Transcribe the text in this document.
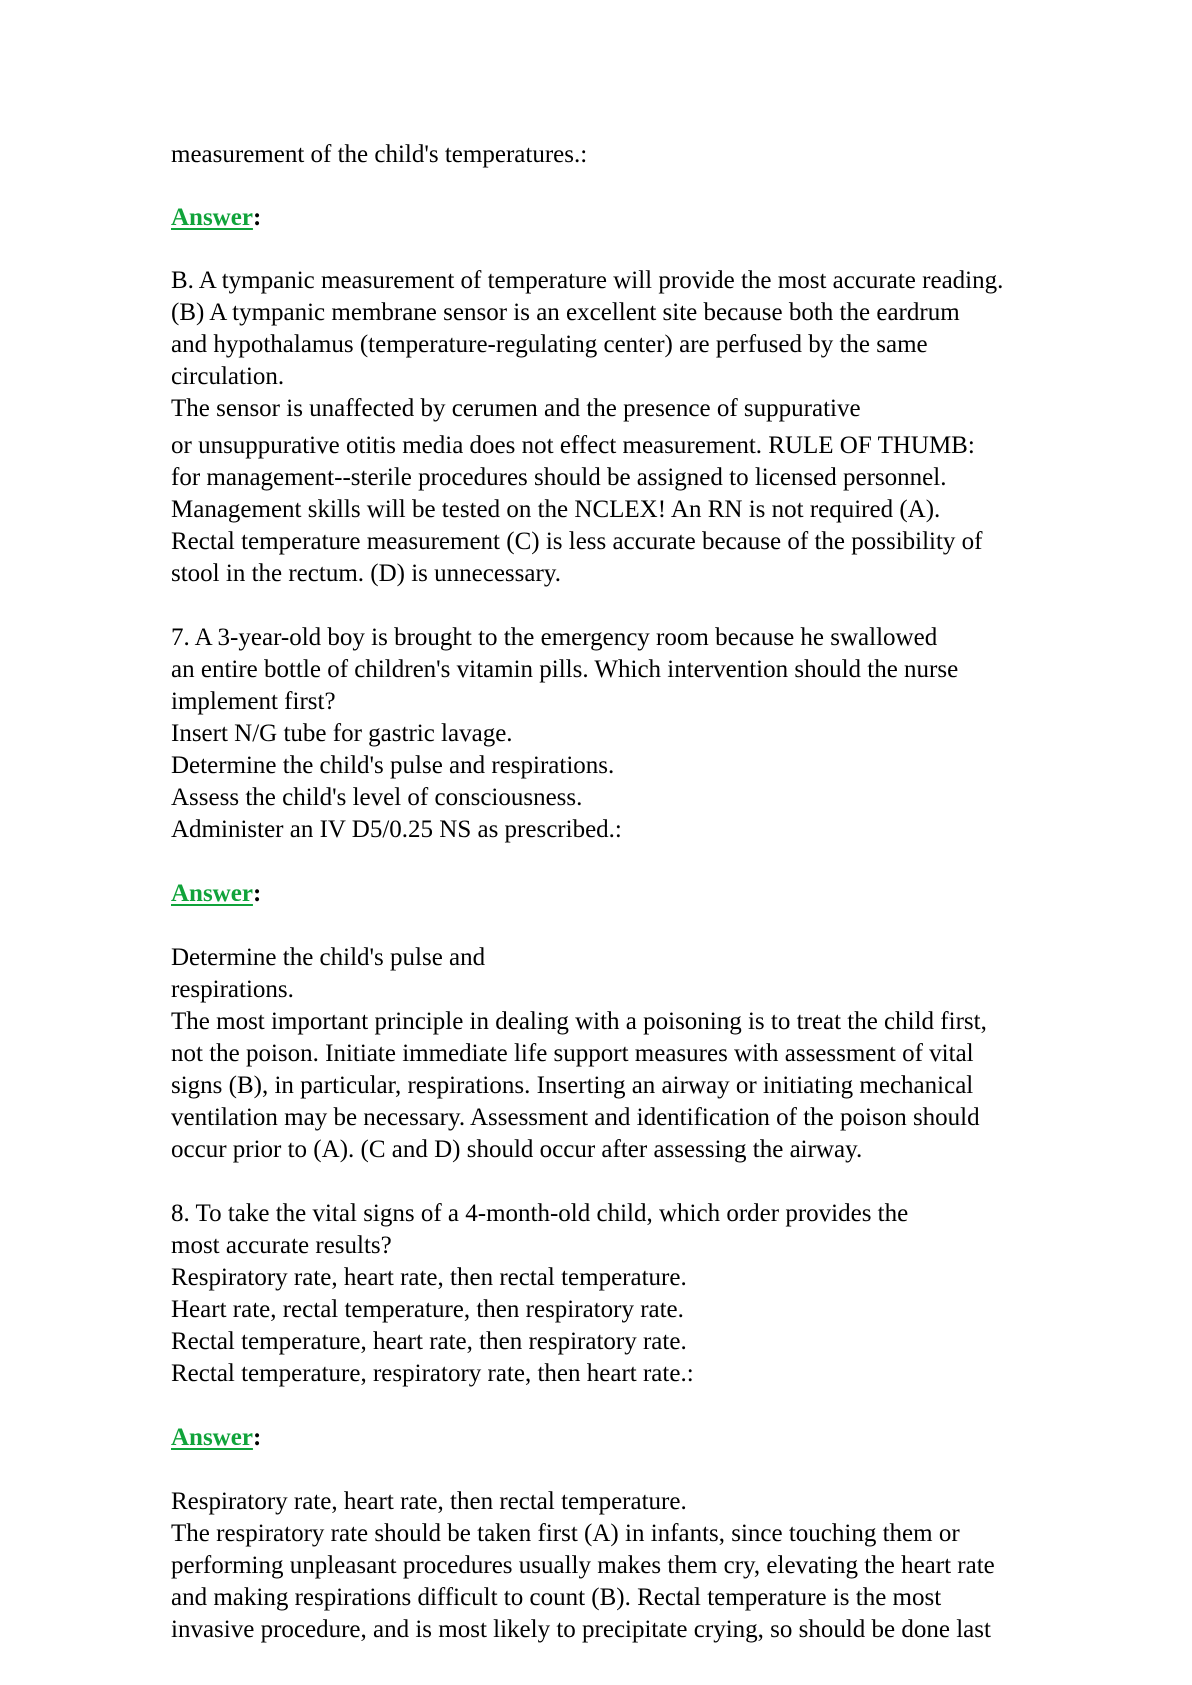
measurement of the child's temperatures.:
Answer:
B. A tympanic measurement of temperature will provide the most accurate reading.
(B) A tympanic membrane sensor is an excellent site because both the eardrum
and hypothalamus (temperature-regulating center) are perfused by the same
circulation.
The sensor is unaffected by cerumen and the presence of suppurative
or unsuppurative otitis media does not effect measurement. RULE OF THUMB:
for management--sterile procedures should be assigned to licensed personnel.
Management skills will be tested on the NCLEX! An RN is not required (A).
Rectal temperature measurement (C) is less accurate because of the possibility of
stool in the rectum. (D) is unnecessary.
7. A 3-year-old boy is brought to the emergency room because he swallowed
an entire bottle of children's vitamin pills. Which intervention should the nurse
implement first?
Insert N/G tube for gastric lavage.
Determine the child's pulse and respirations.
Assess the child's level of consciousness.
Administer an IV D5/0.25 NS as prescribed.:
Answer:
Determine the child's pulse and
respirations.
The most important principle in dealing with a poisoning is to treat the child first,
not the poison. Initiate immediate life support measures with assessment of vital
signs (B), in particular, respirations. Inserting an airway or initiating mechanical
ventilation may be necessary. Assessment and identification of the poison should
occur prior to (A). (C and D) should occur after assessing the airway.
8. To take the vital signs of a 4-month-old child, which order provides the
most accurate results?
Respiratory rate, heart rate, then rectal temperature.
Heart rate, rectal temperature, then respiratory rate.
Rectal temperature, heart rate, then respiratory rate.
Rectal temperature, respiratory rate, then heart rate.:
Answer:
Respiratory rate, heart rate, then rectal temperature.
The respiratory rate should be taken first (A) in infants, since touching them or
performing unpleasant procedures usually makes them cry, elevating the heart rate
and making respirations difficult to count (B). Rectal temperature is the most
invasive procedure, and is most likely to precipitate crying, so should be done last
